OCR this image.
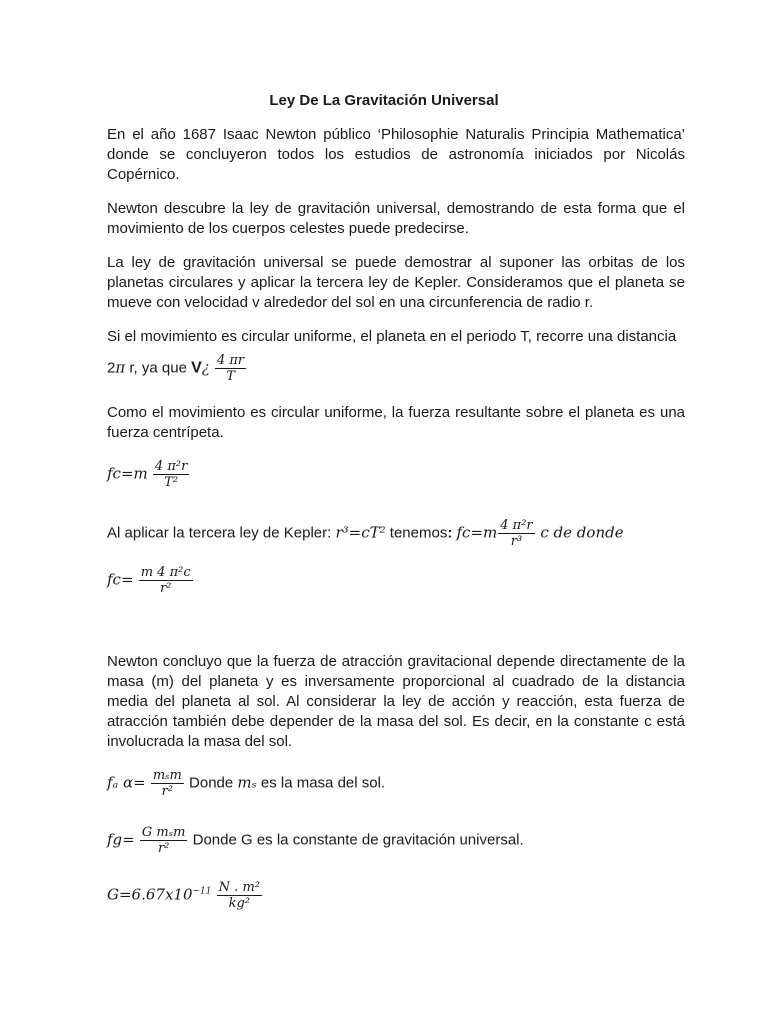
Ley De La Gravitación Universal
En el año 1687 Isaac Newton público ‘Philosophie Naturalis Principia Mathematica’ donde se concluyeron todos los estudios de astronomía iniciados por Nicolás Copérnico.
Newton descubre la ley de gravitación universal, demostrando de esta forma que el movimiento de los cuerpos celestes puede predecirse.
La ley de gravitación universal se puede demostrar al suponer las orbitas de los planetas circulares y aplicar la tercera ley de Kepler. Consideramos que el planeta se mueve con velocidad v alrededor del sol en una circunferencia de radio r.
Si el movimiento es circular uniforme, el planeta en el periodo T, recorre una distancia
2π r, ya que V¿ $\frac{4 \pi r}{T}$
Como el movimiento es circular uniforme, la fuerza resultante sobre el planeta es una fuerza centrípeta.
$fc=m \frac{\text{4 π²r}}{\text{T²}}$
Al aplicar la tercera ley de Kepler: r³=cT² tenemos: $fc=m \frac{\text{4 π²r}}{\text{r³}}$ c de donde
$fc= \frac{\text{m 4 π²c}}{\text{r²}}$
Newton concluyo que la fuerza de atracción gravitacional depende directamente de la masa (m) del planeta y es inversamente proporcional al cuadrado de la distancia media del planeta al sol. Al considerar la ley de acción y reacción, esta fuerza de atracción también debe depender de la masa del sol. Es decir, en la constante c está involucrada la masa del sol.
fₐ $\alpha= \frac{\text{mₛm}}{\text{r²}}$ Donde mₛ es la masa del sol.
$fg= \frac{\text{G mₛm}}{\text{r²}}$ Donde G es la constante de gravitación universal.
$G=6.67x10^{-11} \frac{\text{N . m²}}{\text{kg²}}$
